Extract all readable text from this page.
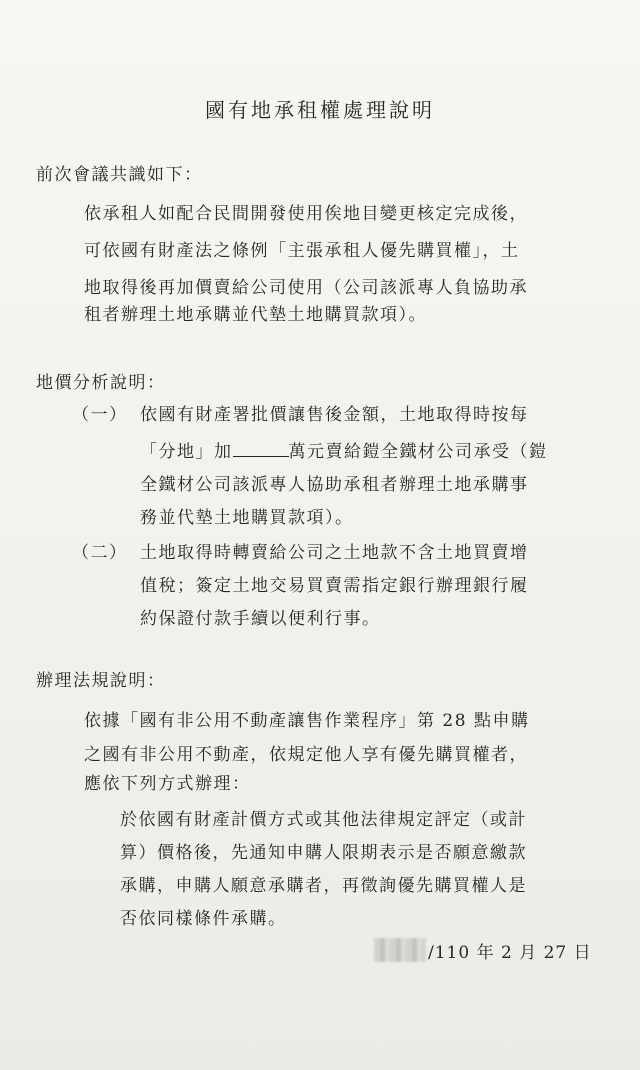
國有地承租權處理說明
前次會議共識如下：
依承租人如配合民間開發使用俟地目變更核定完成後，
可依國有財產法之條例「主張承租人優先購買權」，土
地取得後再加價賣給公司使用（公司該派專人負協助承
租者辦理土地承購並代墊土地購買款項）。
地價分析說明：
（一） 依國有財產署批價讓售後金額，土地取得時按每
「分地」加	萬元賣給鎧全鐵材公司承受（鎧
全鐵材公司該派專人協助承租者辦理土地承購事
務並代墊土地購買款項）。
（二） 土地取得時轉賣給公司之土地款不含土地買賣增
值稅；簽定土地交易買賣需指定銀行辦理銀行履
約保證付款手續以便利行事。
辦理法規說明：
依據「國有非公用不動產讓售作業程序」第 28 點申購
之國有非公用不動產，依規定他人享有優先購買權者，
應依下列方式辦理：
於依國有財產計價方式或其他法律規定評定（或計
算）價格後，先通知申購人限期表示是否願意繳款
承購，申購人願意承購者，再徵詢優先購買權人是
否依同樣條件承購。
/110 年 2 月 27 日
